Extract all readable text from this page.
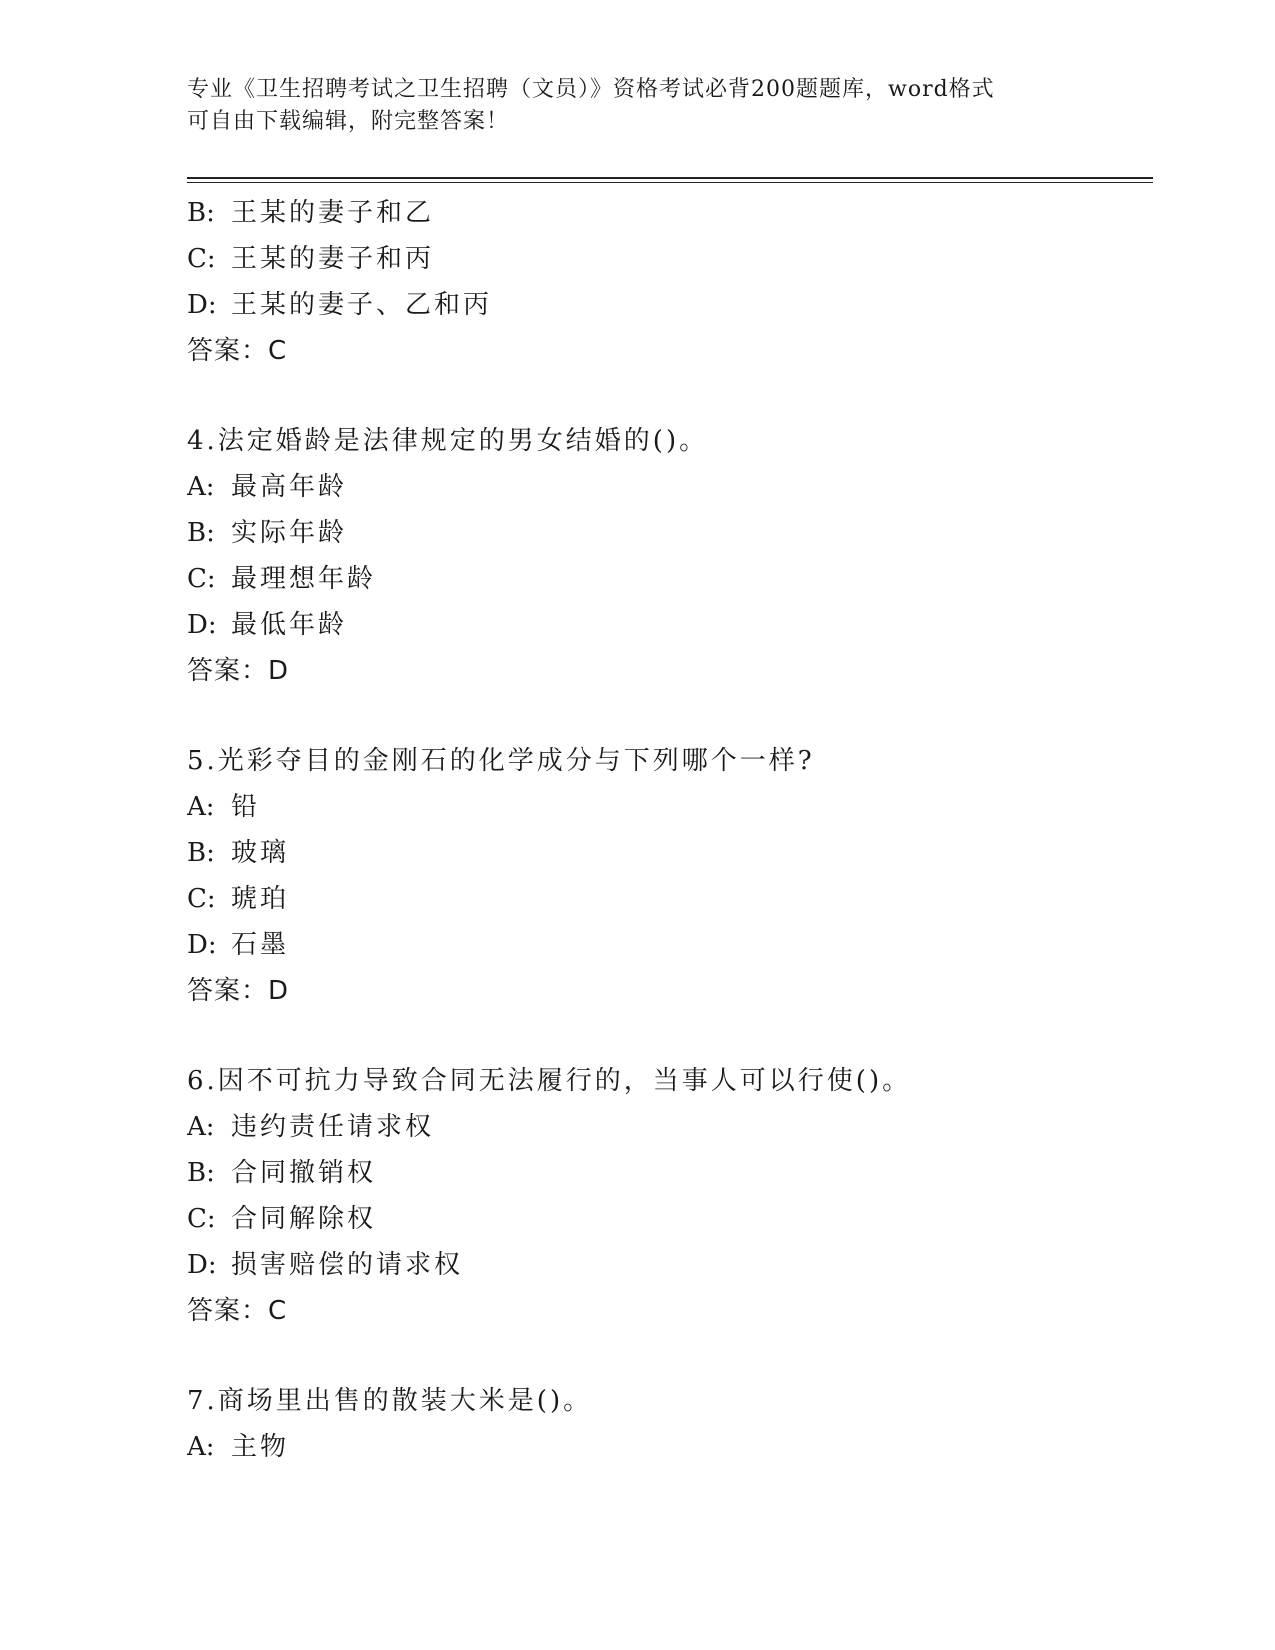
专业《卫生招聘考试之卫生招聘（文员）》资格考试必背200题题库，word格式
可自由下载编辑，附完整答案！
B: 王某的妻子和乙
C: 王某的妻子和丙
D: 王某的妻子、乙和丙
答案：C
4.法定婚龄是法律规定的男女结婚的()。
A: 最高年龄
B: 实际年龄
C: 最理想年龄
D: 最低年龄
答案：D
5.光彩夺目的金刚石的化学成分与下列哪个一样?
A: 铅
B: 玻璃
C: 琥珀
D: 石墨
答案：D
6.因不可抗力导致合同无法履行的，当事人可以行使()。
A: 违约责任请求权
B: 合同撤销权
C: 合同解除权
D: 损害赔偿的请求权
答案：C
7.商场里出售的散装大米是()。
A: 主物
